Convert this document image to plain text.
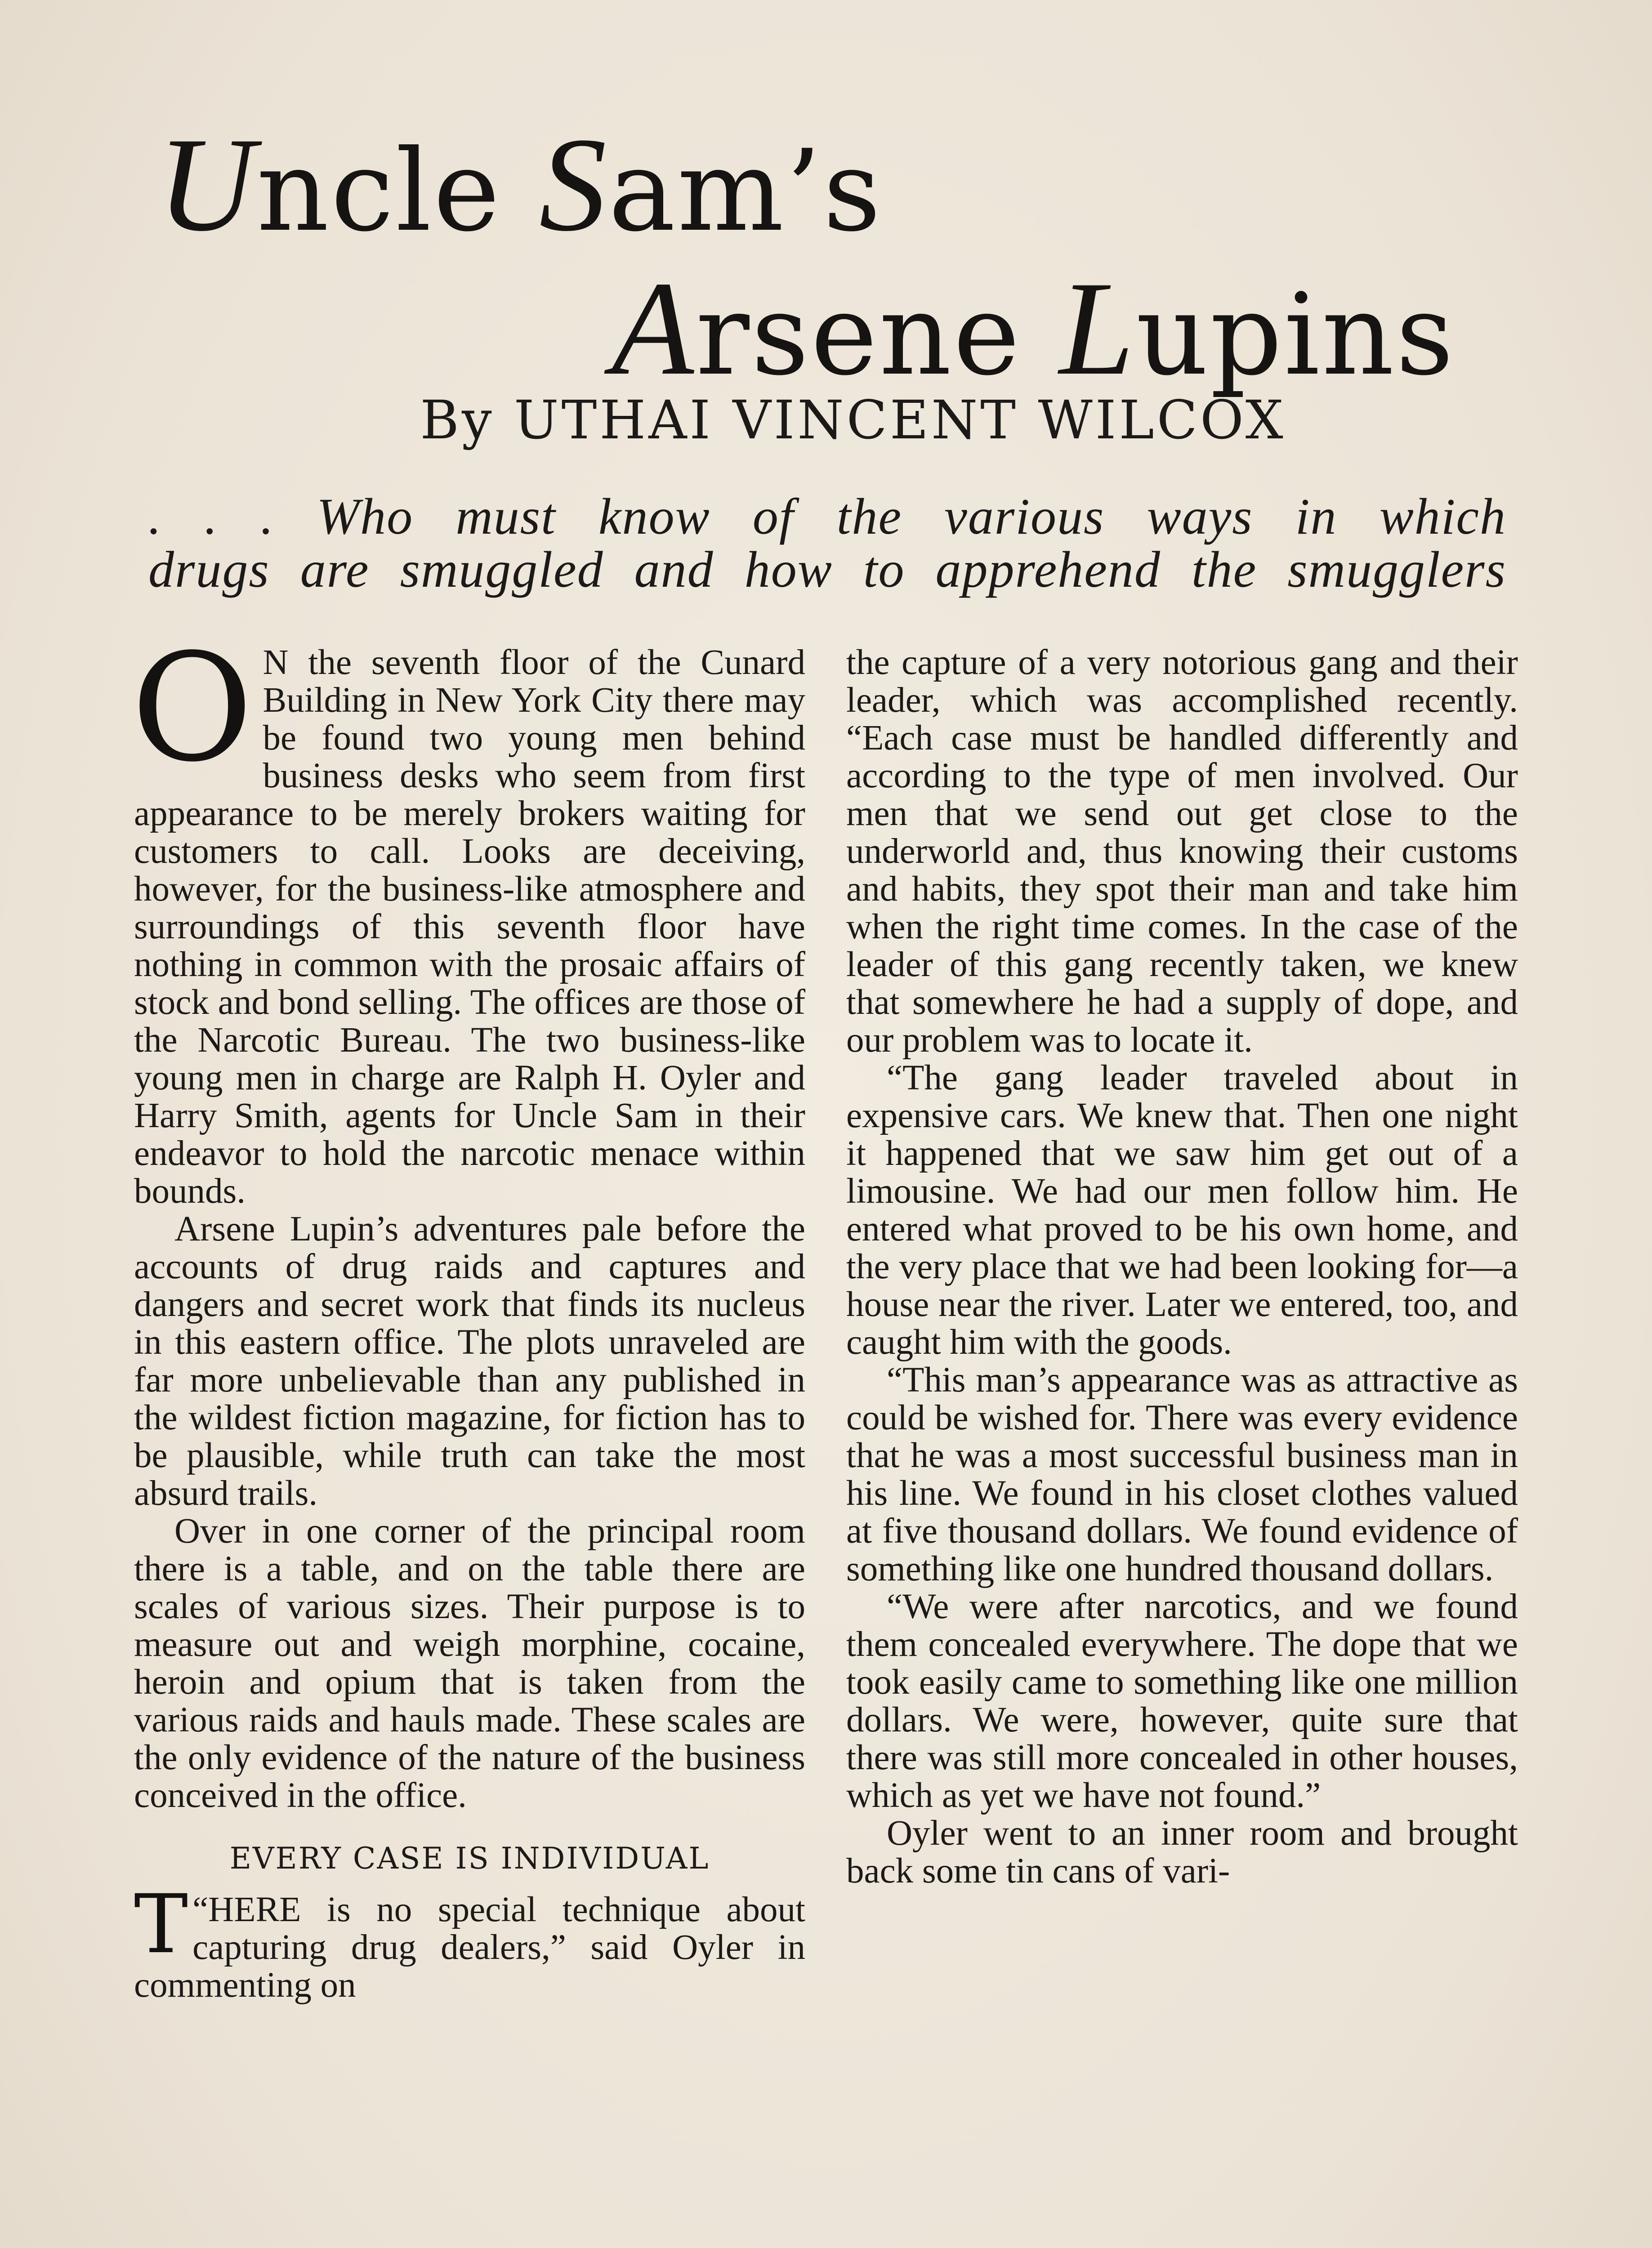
Uncle Sam’s
Arsene Lupins

By UTHAI VINCENT WILCOX

. . . Who must know of the various ways in which
drugs are smuggled and how to apprehend the smugglers

O N the seventh floor of the Cunard Building in New York City there may be found two young men behind business desks who seem from first appearance to be merely brokers waiting for customers to call. Looks are deceiving, however, for the business-like atmosphere and surroundings of this seventh floor have nothing in common with the prosaic affairs of stock and bond selling. The offices are those of the Narcotic Bureau. The two business-like young men in charge are Ralph H. Oyler and Harry Smith, agents for Uncle Sam in their endeavor to hold the narcotic menace within bounds.

Arsene Lupin’s adventures pale before the accounts of drug raids and captures and dangers and secret work that finds its nucleus in this eastern office. The plots unraveled are far more unbelievable than any published in the wildest fiction magazine, for fiction has to be plausible, while truth can take the most absurd trails.

Over in one corner of the principal room there is a table, and on the table there are scales of various sizes. Their purpose is to measure out and weigh morphine, cocaine, heroin and opium that is taken from the various raids and hauls made. These scales are the only evidence of the nature of the business conceived in the office.

EVERY CASE IS INDIVIDUAL

“
T HERE is no special technique about capturing drug dealers,” said Oyler in commenting on

the capture of a very notorious gang and their leader, which was accomplished recently. “Each case must be handled differently and according to the type of men involved. Our men that we send out get close to the underworld and, thus knowing their customs and habits, they spot their man and take him when the right time comes. In the case of the leader of this gang recently taken, we knew that somewhere he had a supply of dope, and our problem was to locate it.

“The gang leader traveled about in expensive cars. We knew that. Then one night it happened that we saw him get out of a limousine. We had our men follow him. He entered what proved to be his own home, and the very place that we had been looking for—a house near the river. Later we entered, too, and caught him with the goods.

“This man’s appearance was as attractive as could be wished for. There was every evidence that he was a most successful business man in his line. We found in his closet clothes valued at five thousand dollars. We found evidence of something like one hundred thousand dollars.

“We were after narcotics, and we found them concealed everywhere. The dope that we took easily came to something like one million dollars. We were, however, quite sure that there was still more concealed in other houses, which as yet we have not found.”

Oyler went to an inner room and brought back some tin cans of vari-
